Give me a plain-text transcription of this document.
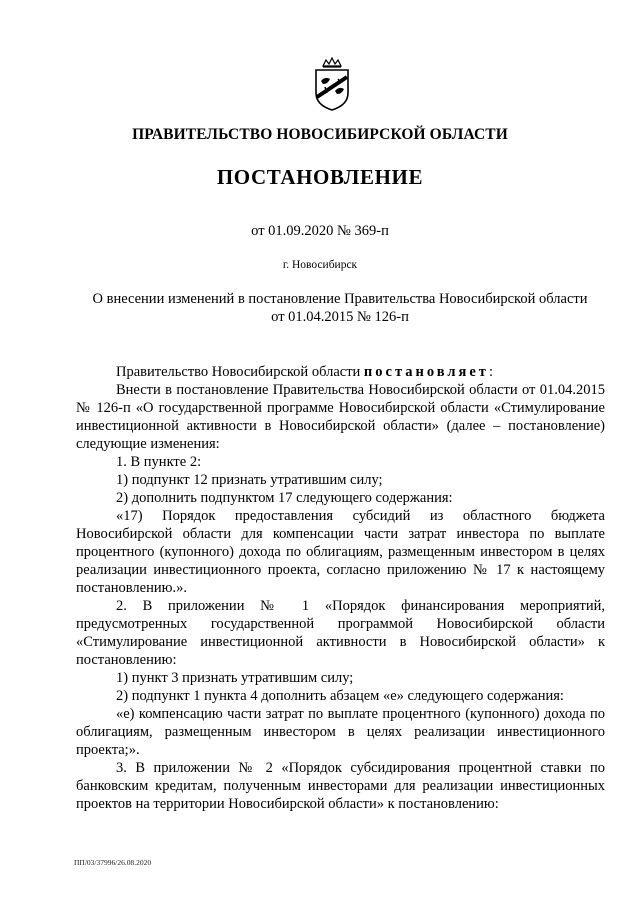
ПРАВИТЕЛЬСТВО НОВОСИБИРСКОЙ ОБЛАСТИ
ПОСТАНОВЛЕНИЕ
от 01.09.2020 № 369-п
г. Новосибирск
О внесении изменений в постановление Правительства Новосибирской области
от 01.04.2015 № 126-п

Правительство Новосибирской области постановляет:

Внести в постановление Правительства Новосибирской области от 01.04.2015 № 126-п «О государственной программе Новосибирской области «Стимулирование инвестиционной активности в Новосибирской области» (далее – постановление) следующие изменения:

1. В пункте 2:

1) подпункт 12 признать утратившим силу;

2) дополнить подпунктом 17 следующего содержания:

«17) Порядок предоставления субсидий из областного бюджета Новосибирской области для компенсации части затрат инвестора по выплате процентного (купонного) дохода по облигациям, размещенным инвестором в целях реализации инвестиционного проекта, согласно приложению № 17 к настоящему постановлению.».

2. В приложении № 1 «Порядок финансирования мероприятий, предусмотренных государственной программой Новосибирской области «Стимулирование инвестиционной активности в Новосибирской области» к постановлению:

1) пункт 3 признать утратившим силу;

2) подпункт 1 пункта 4 дополнить абзацем «е» следующего содержания:

«е) компенсацию части затрат по выплате процентного (купонного) дохода по облигациям, размещенным инвестором в целях реализации инвестиционного проекта;».

3. В приложении № 2 «Порядок субсидирования процентной ставки по банковским кредитам, полученным инвесторами для реализации инвестиционных проектов на территории Новосибирской области» к постановлению:

ПП/03/37996/26.08.2020
